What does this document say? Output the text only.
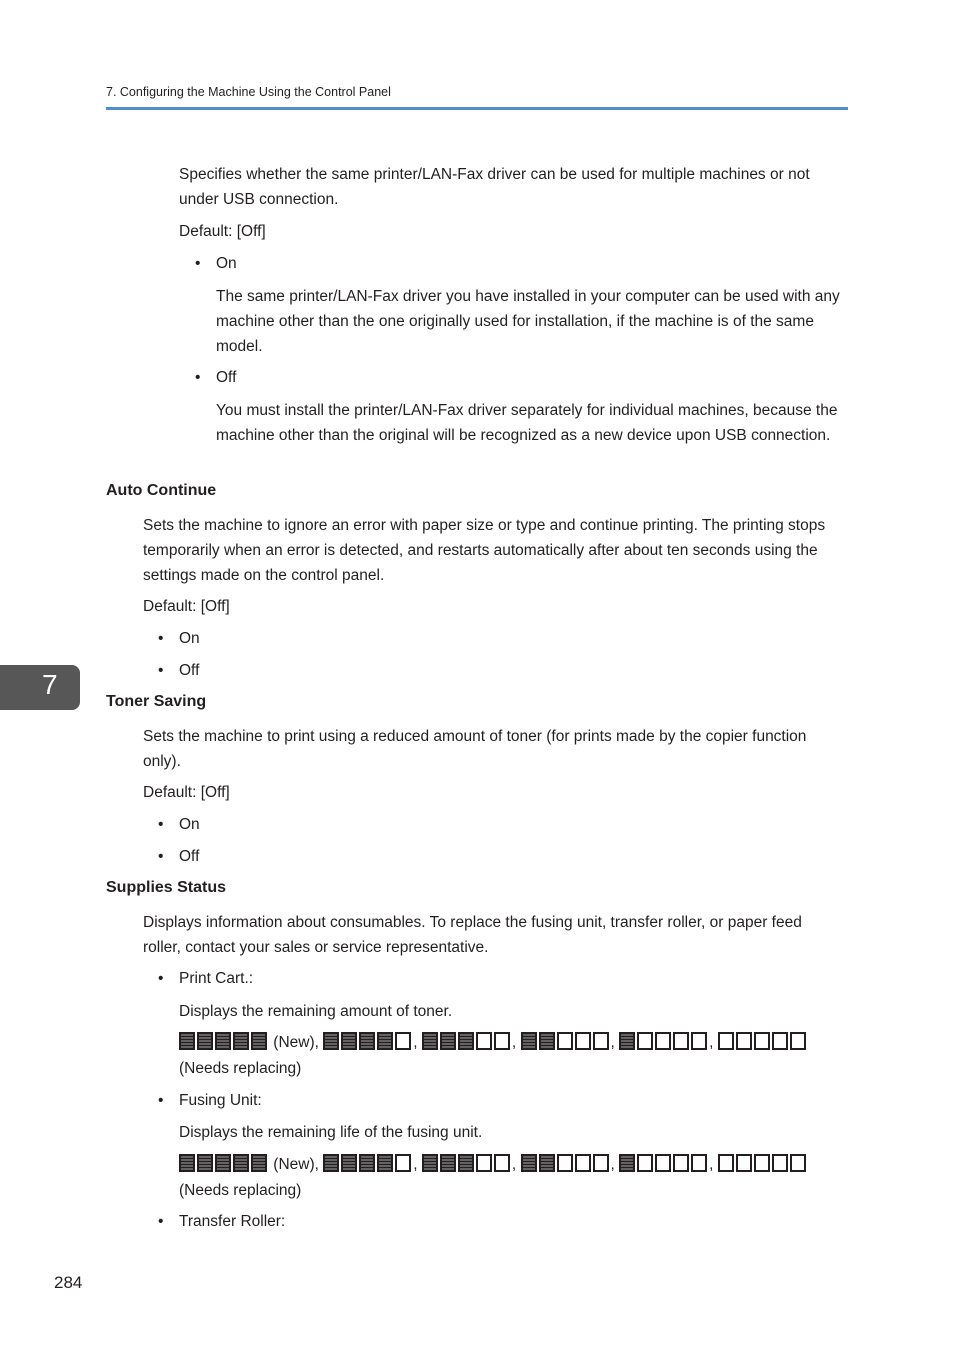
7. Configuring the Machine Using the Control Panel

Specifies whether the same printer/LAN-Fax driver can be used for multiple machines or not under USB connection.

Default: [Off]

• On

The same printer/LAN-Fax driver you have installed in your computer can be used with any machine other than the one originally used for installation, if the machine is of the same model.

• Off

You must install the printer/LAN-Fax driver separately for individual machines, because the machine other than the original will be recognized as a new device upon USB connection.

Auto Continue

Sets the machine to ignore an error with paper size or type and continue printing. The printing stops temporarily when an error is detected, and restarts automatically after about ten seconds using the settings made on the control panel.

Default: [Off]

• On
• Off
7
Toner Saving

Sets the machine to print using a reduced amount of toner (for prints made by the copier function only).

Default: [Off]

• On
• Off
Supplies Status

Displays information about consumables. To replace the fusing unit, transfer roller, or paper feed roller, contact your sales or service representative.

• Print Cart.:

Displays the remaining amount of toner.

(New),	,	,	,	,

(Needs replacing)

• Fusing Unit:

Displays the remaining life of the fusing unit.

(New),	,	,	,	,

(Needs replacing)

• Transfer Roller:
284
